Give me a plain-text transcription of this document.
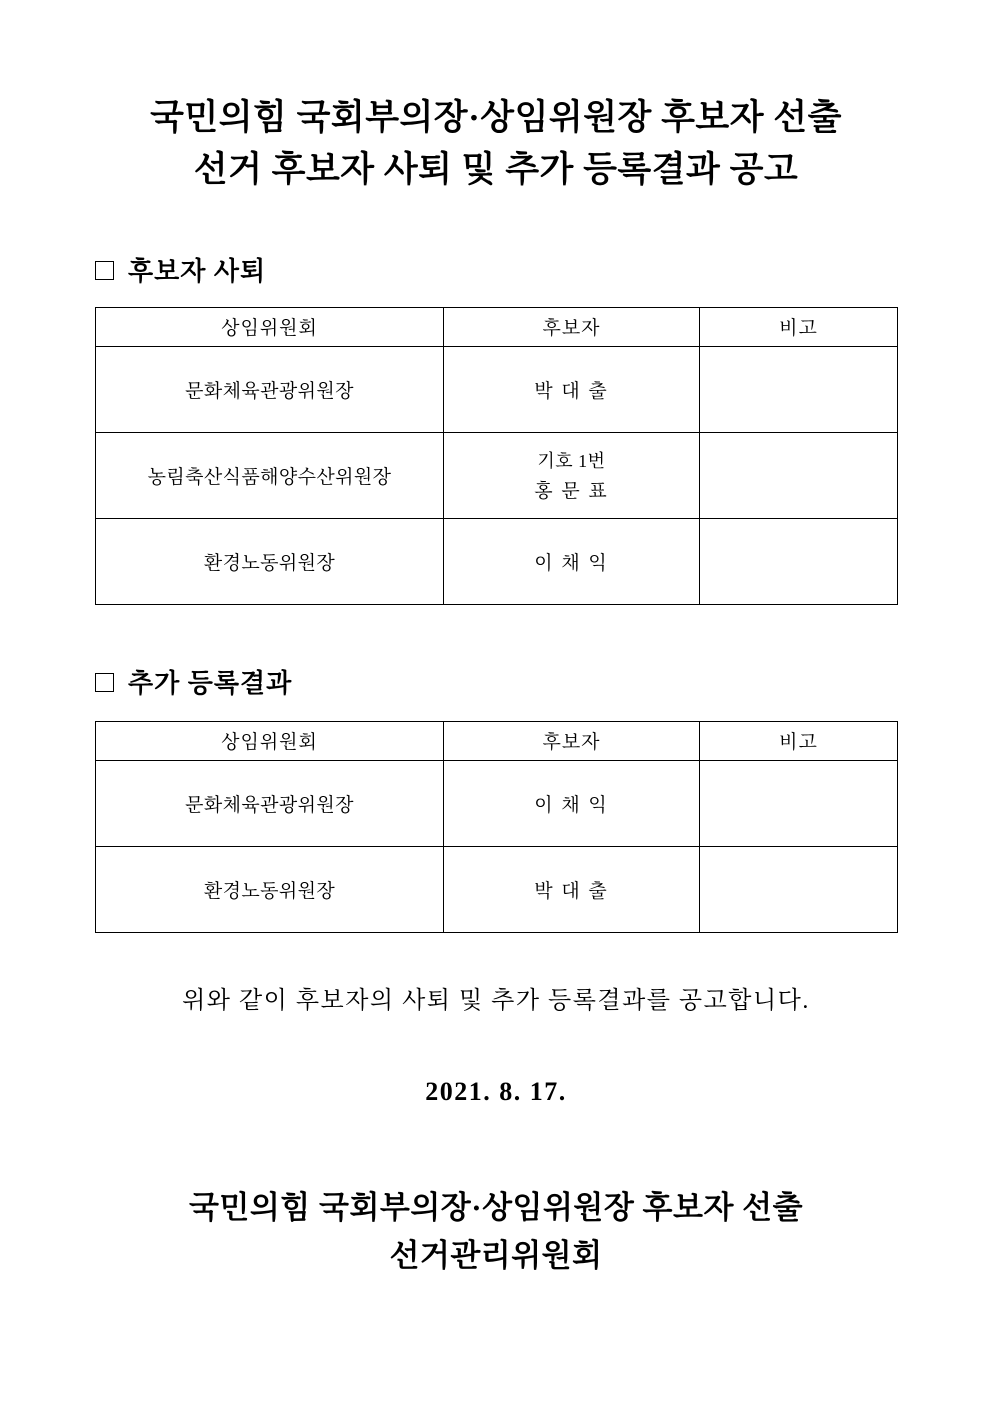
국민의힘 국회부의장·상임위원장 후보자 선출
선거 후보자 사퇴 및 추가 등록결과 공고
후보자 사퇴
상임위원회	후보자	비고
문화체육관광위원장	박 대 출	

농림축산식품해양수산위원장	기호 1번
홍 문 표	

환경노동위원장	이 채 익	

추가 등록결과
상임위원회	후보자	비고
문화체육관광위원장	이 채 익	

환경노동위원장	박 대 출	

위와 같이 후보자의 사퇴 및 추가 등록결과를 공고합니다.

2021. 8. 17.

국민의힘 국회부의장·상임위원장 후보자 선출
선거관리위원회
